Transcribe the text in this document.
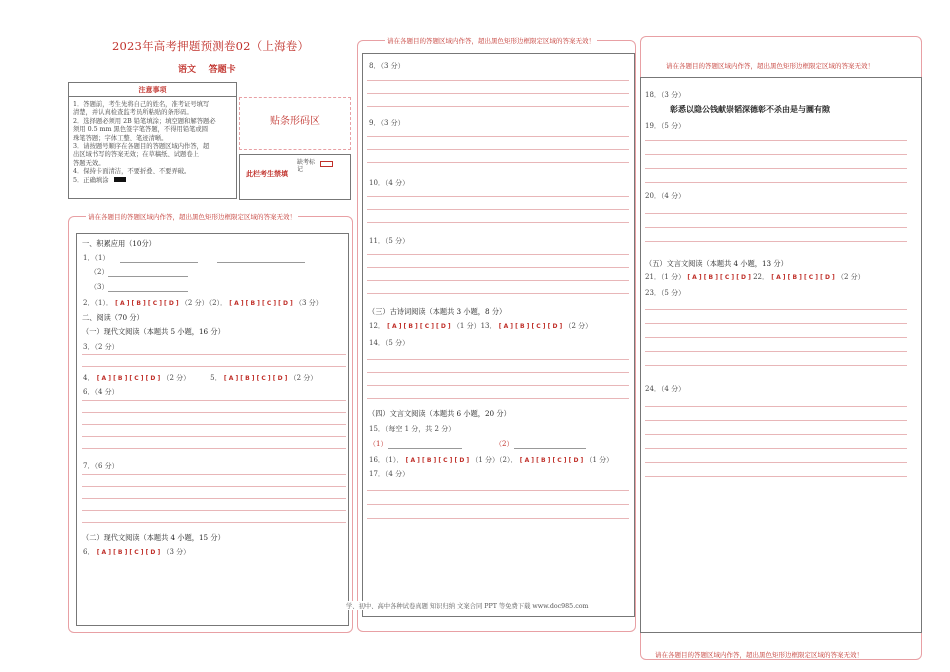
2023年高考押题预测卷02（上海卷）
语文 答题卡
注意事项

1．答题前，考生先将自己的姓名，准考证号填写

清楚，并认真检查监考员所粘贴的条形码。

2．选择题必须用 2B 铅笔填涂；填空题和解答题必

须用 0.5 mm 黑色签字笔答题，不得用铅笔或圆

珠笔答题；字体工整、笔迹清晰。

3．请按题号顺序在各题目的答题区域内作答，超

出区域书写的答案无效；在草稿纸、试题卷上

答题无效。

4．保持卡面清洁，不要折叠、不要弄破。

5．正确填涂

贴条形码区
此栏考生禁填
缺考标记
请在各题目的答题区域内作答，超出黑色矩形边框限定区域的答案无效！
一、积累应用（10分）
1．（1）
（2）
（3）
2．（1）． [ A ] [ B ] [ C ] [ D ] （2 分）（2）． [ A ] [ B ] [ C ] [ D ] （3 分）
二、阅读（70 分）
（一）现代文阅读（本题共 5 小题，16 分）
3．（2 分）
4． [ A ] [ B ] [ C ] [ D ] （2 分）	5． [ A ] [ B ] [ C ] [ D ] （2 分）
6．（4 分）
7．（6 分）
（二）现代文阅读（本题共 4 小题，15 分）
6． [ A ] [ B ] [ C ] [ D ] （3 分）
请在各题目的答题区域内作答，超出黑色矩形边框限定区域的答案无效！
8．（3 分）
9．（3 分）
10．（4 分）
11．（5 分）
（三）古诗词阅读（本题共 3 小题，8 分）
12． [ A ] [ B ] [ C ] [ D ] （1 分）13． [ A ] [ B ] [ C ] [ D ] （2 分）
14．（5 分）
（四）文言文阅读（本题共 6 小题，20 分）
15．（每空 1 分，共 2 分）
（1）	（2）
16．（1）． [ A ] [ B ] [ C ] [ D ] （1 分）（2）． [ A ] [ B ] [ C ] [ D ] （1 分）
17．（4 分）
请在各题目的答题区域内作答，超出黑色矩形边框限定区域的答案无效！
18．（3 分）
彰悉以隐公钱献崇韬深德彰不杀由是与圜有隙
19．（5 分）
20．（4 分）
（五）文言文阅读（本题共 4 小题，13 分）
21．（1 分） [ A ] [ B ] [ C ] [ D ] 22． [ A ] [ B ] [ C ] [ D ] （2 分）
23．（5 分）
24．（4 分）
请在各题目的答题区域内作答，超出黑色矩形边框限定区域的答案无效！
学、初中、高中各种试卷真题 知识归纳 文案合同 PPT 等免费下载 www.doc985.com
